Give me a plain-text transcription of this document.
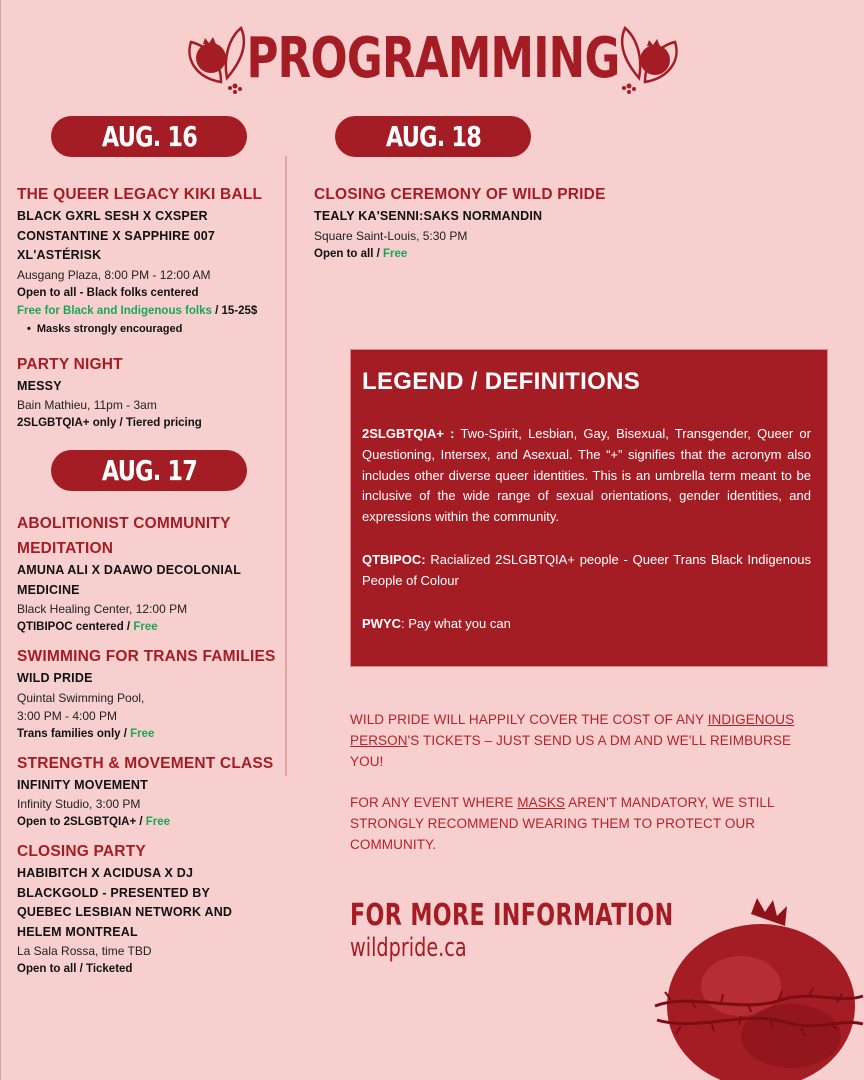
PROGRAMMING
AUG. 16	AUG. 18
AUG. 17
THE QUEER LEGACY KIKI BALL
BLACK GXRL SESH X CXSPER
CONSTANTINE X SAPPHIRE 007
XL'ASTÉRISK
Ausgang Plaza, 8:00 PM - 12:00 AM
Open to all - Black folks centered
Free for Black and Indigenous folks / 15-25$
• Masks strongly encouraged
PARTY NIGHT
MESSY
Bain Mathieu, 11pm - 3am
2SLGBTQIA+ only / Tiered pricing
ABOLITIONIST COMMUNITY
MEDITATION
AMUNA ALI X DAAWO DECOLONIAL
MEDICINE
Black Healing Center, 12:00 PM
QTIBIPOC centered / Free
SWIMMING FOR TRANS FAMILIES
WILD PRIDE
Quintal Swimming Pool,
3:00 PM - 4:00 PM
Trans families only / Free
STRENGTH & MOVEMENT CLASS
INFINITY MOVEMENT
Infinity Studio, 3:00 PM
Open to 2SLGBTQIA+ / Free
CLOSING PARTY
HABIBITCH X ACIDUSA X DJ
BLACKGOLD - PRESENTED BY
QUEBEC LESBIAN NETWORK AND
HELEM MONTREAL
La Sala Rossa, time TBD
Open to all / Ticketed
CLOSING CEREMONY OF WILD PRIDE
TEALY KA'SENNI:SAKS NORMANDIN
Square Saint-Louis, 5:30 PM
Open to all / Free
LEGEND / DEFINITIONS

2SLGBTQIA+ : Two-Spirit, Lesbian, Gay, Bisexual, Transgender, Queer or Questioning, Intersex, and Asexual. The “+” signifies that the acronym also includes other diverse queer identities. This is an umbrella term meant to be inclusive of the wide range of sexual orientations, gender identities, and expressions within the community.

QTBIPOC: Racialized 2SLGBTQIA+ people - Queer Trans Black Indigenous People of Colour

PWYC: Pay what you can

WILD PRIDE WILL HAPPILY COVER THE COST OF ANY INDIGENOUS PERSON'S TICKETS – JUST SEND US A DM AND WE'LL REIMBURSE YOU!
FOR ANY EVENT WHERE MASKS AREN'T MANDATORY, WE STILL STRONGLY RECOMMEND WEARING THEM TO PROTECT OUR COMMUNITY.
FOR MORE INFORMATION
wildpride.ca
